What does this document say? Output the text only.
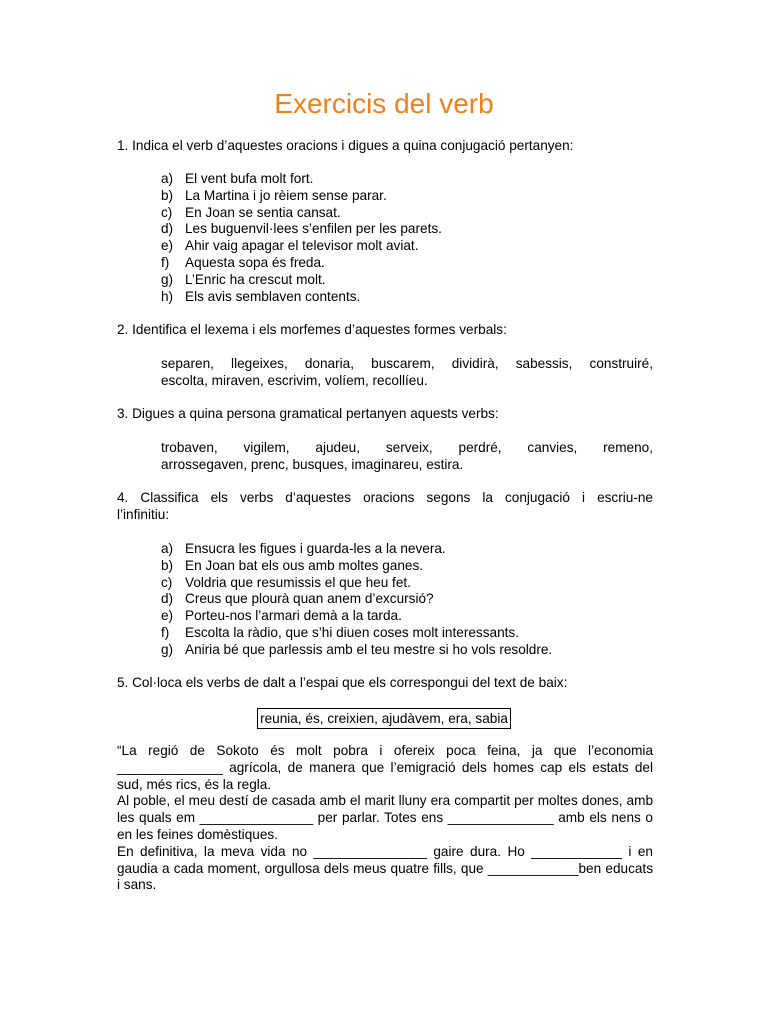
Exercicis del verb

1. Indica el verb d’aquestes oracions i digues a quina conjugació pertanyen:

a) El vent bufa molt fort.
b) La Martina i jo rèiem sense parar.
c) En Joan se sentia cansat.
d) Les buguenvil·lees s’enfilen per les parets.
e) Ahir vaig apagar el televisor molt aviat.
f)	Aquesta sopa és freda.
g) L’Enric ha crescut molt.
h) Els avis semblaven contents.

2. Identifica el lexema i els morfemes d’aquestes formes verbals:

separen, llegeixes, donaria, buscarem, dividirà, sabessis, construiré,

escolta, miraven, escrivim, volíem, recollíeu.

3. Digues a quina persona gramatical pertanyen aquests verbs:

trobaven, vigilem, ajudeu, serveix, perdré, canvies, remeno,

arrossegaven, prenc, busques, imaginareu, estira.

4. Classifica els verbs d’aquestes oracions segons la conjugació i escriu-ne

l’infinitiu:

a) Ensucra les figues i guarda-les a la nevera.
b) En Joan bat els ous amb moltes ganes.
c) Voldria que resumissis el que heu fet.
d) Creus que plourà quan anem d’excursió?
e) Porteu-nos l’armari demà a la tarda.
f)	Escolta la ràdio, que s’hi diuen coses molt interessants.
g) Aniria bé que parlessis amb el teu mestre si ho vols resoldre.

5. Col·loca els verbs de dalt a l’espai que els correspongui del text de baix:

reunia, és, creixien, ajudàvem, era, sabia

“La regió de Sokoto és molt pobra i ofereix poca feina, ja que l’economia ______________ agrícola, de manera que l’emigració dels homes cap els estats del sud, més rics, és la regla.

Al poble, el meu destí de casada amb el marit lluny era compartit per moltes dones, amb les quals em _______________ per parlar. Totes ens ______________ amb els nens o en les feines domèstiques.

En definitiva, la meva vida no _______________ gaire dura. Ho ____________ i en gaudia a cada moment, orgullosa dels meus quatre fills, que ____________ben educats i sans.
